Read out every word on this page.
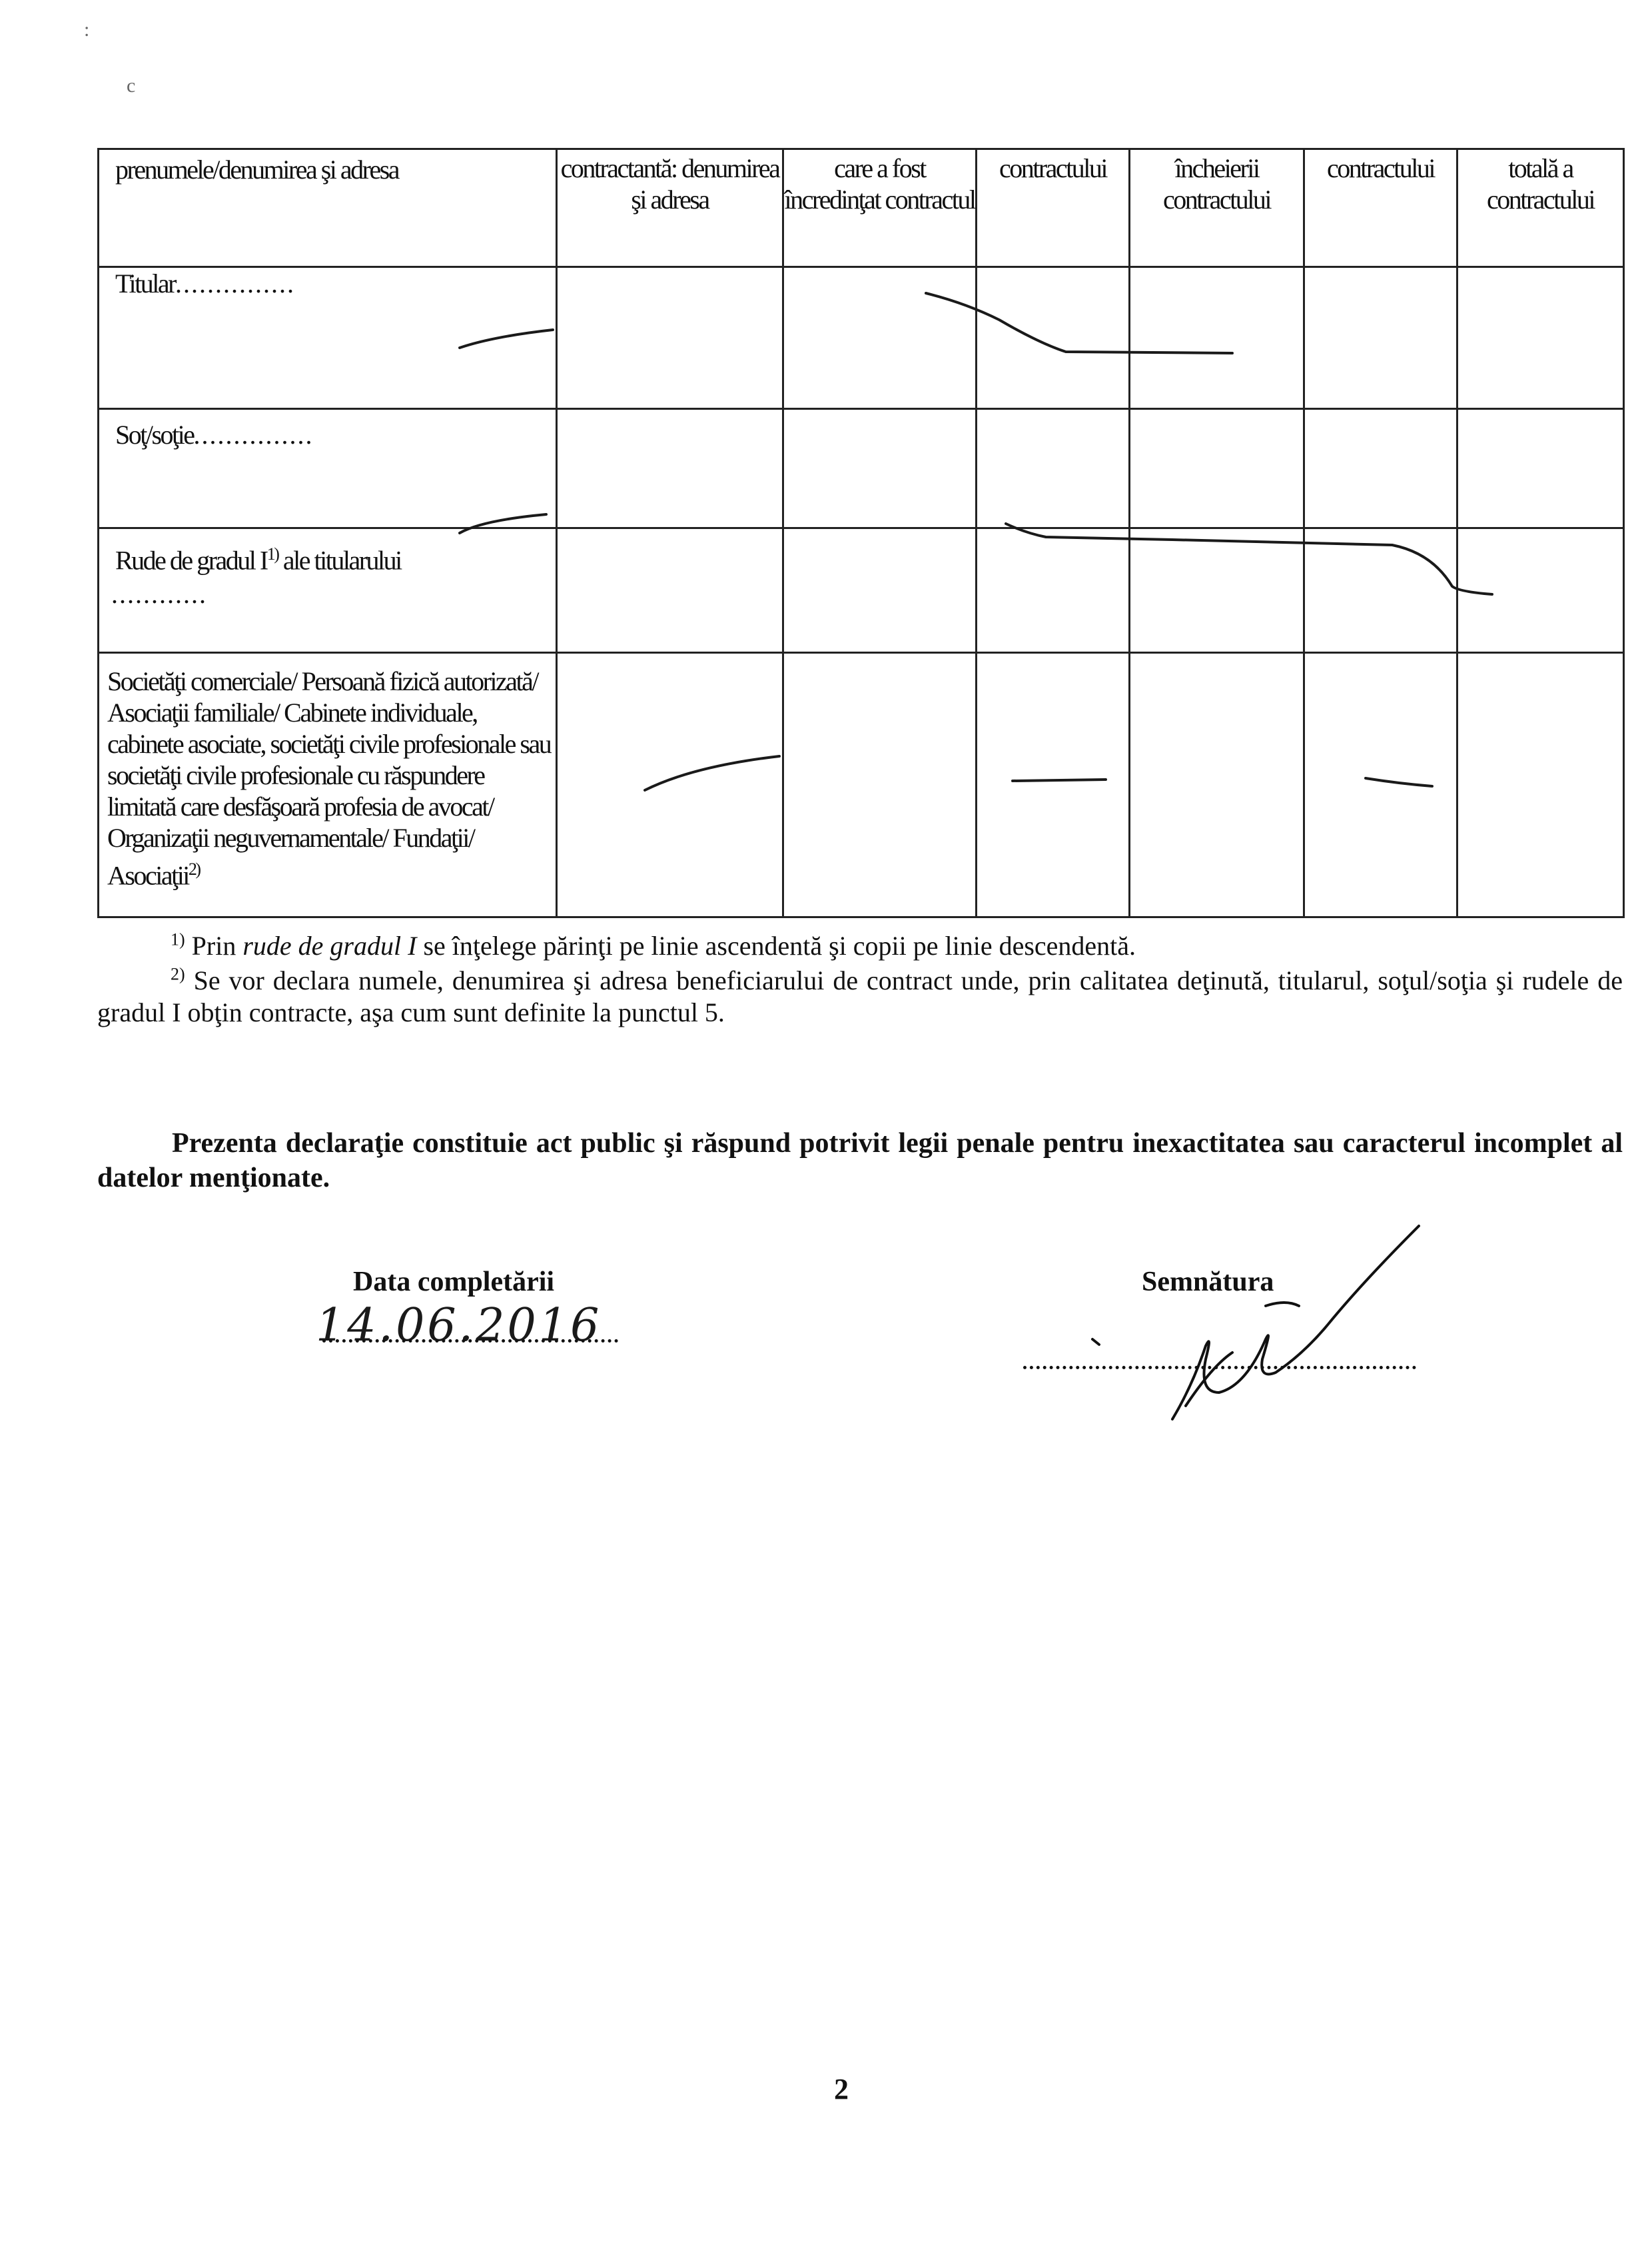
:
c
prenumele/denumirea şi adresa	contractantă: denumirea şi adresa	care a fost încredinţat contractul	contractului	încheierii contractului	contractului	totală a contractului

Titular...............						

Soţ/soţie...............						

Rude de gradul $I^{1)}$ ale titularului
............						

Societăţi comerciale/ Persoană fizică autorizată/ Asociaţii familiale/ Cabinete individuale, cabinete asociate, societăţi civile profesionale sau societăţi civile profesionale cu răspundere limitată care desfăşoară profesia de avocat/ Organizaţii neguvernamentale/ Fundaţii/ Asociaţii$^{2)}$

$^{1)}$ Prin rude de gradul I se înţelege părinţi pe linie ascendentă şi copii pe linie descendentă.
$^{2)}$ Se vor declara numele, denumirea şi adresa beneficiarului de contract unde, prin calitatea deţinută, titularul, soţul/soţia şi rudele de gradul I obţin contracte, aşa cum sunt definite la punctul 5.
Prezenta declaraţie constituie act public şi răspund potrivit legii penale pentru inexactitatea sau caracterul incomplet al datelor menţionate.
Data completării
14.06.2016
Semnătura
2
